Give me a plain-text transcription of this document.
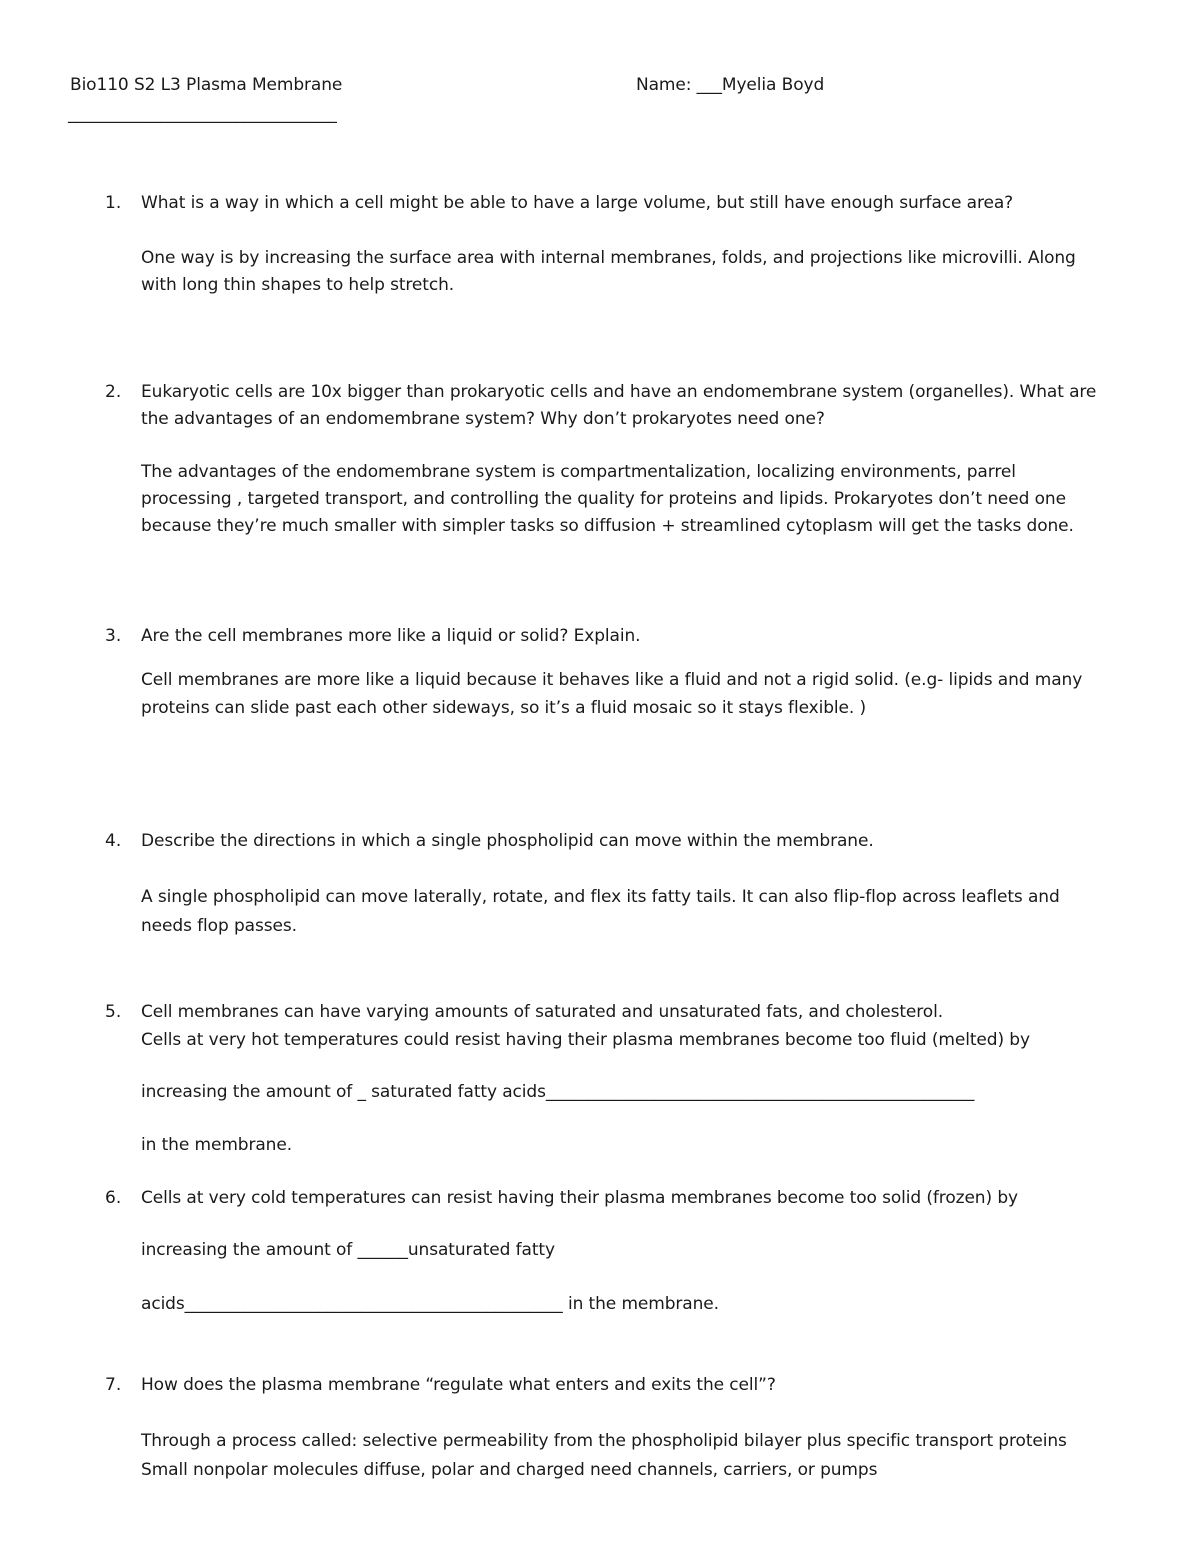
Bio110 S2 L3 Plasma Membrane	Name: ___Myelia Boyd
________________________________
1. What is a way in which a cell might be able to have a large volume, but still have enough surface area?
One way is by increasing the surface area with internal membranes, folds, and projections like microvilli. Along
with long thin shapes to help stretch.
2. Eukaryotic cells are 10x bigger than prokaryotic cells and have an endomembrane system (organelles). What are
the advantages of an endomembrane system? Why don’t prokaryotes need one?
The advantages of the endomembrane system is compartmentalization, localizing environments, parrel
processing , targeted transport, and controlling the quality for proteins and lipids. Prokaryotes don’t need one
because they’re much smaller with simpler tasks so diffusion + streamlined cytoplasm will get the tasks done.
3. Are the cell membranes more like a liquid or solid? Explain.
Cell membranes are more like a liquid because it behaves like a fluid and not a rigid solid. (e.g- lipids and many
proteins can slide past each other sideways, so it’s a fluid mosaic so it stays flexible. )
4. Describe the directions in which a single phospholipid can move within the membrane.
A single phospholipid can move laterally, rotate, and flex its fatty tails. It can also flip-flop across leaflets and
needs flop passes.
5. Cell membranes can have varying amounts of saturated and unsaturated fats, and cholesterol.
Cells at very hot temperatures could resist having their plasma membranes become too fluid (melted) by
increasing the amount of _ saturated fatty acids___________________________________________________
in the membrane.
6. Cells at very cold temperatures can resist having their plasma membranes become too solid (frozen) by
increasing the amount of ______unsaturated fatty
acids_____________________________________________ in the membrane.
7. How does the plasma membrane “regulate what enters and exits the cell”?
Through a process called: selective permeability from the phospholipid bilayer plus specific transport proteins
Small nonpolar molecules diffuse, polar and charged need channels, carriers, or pumps
